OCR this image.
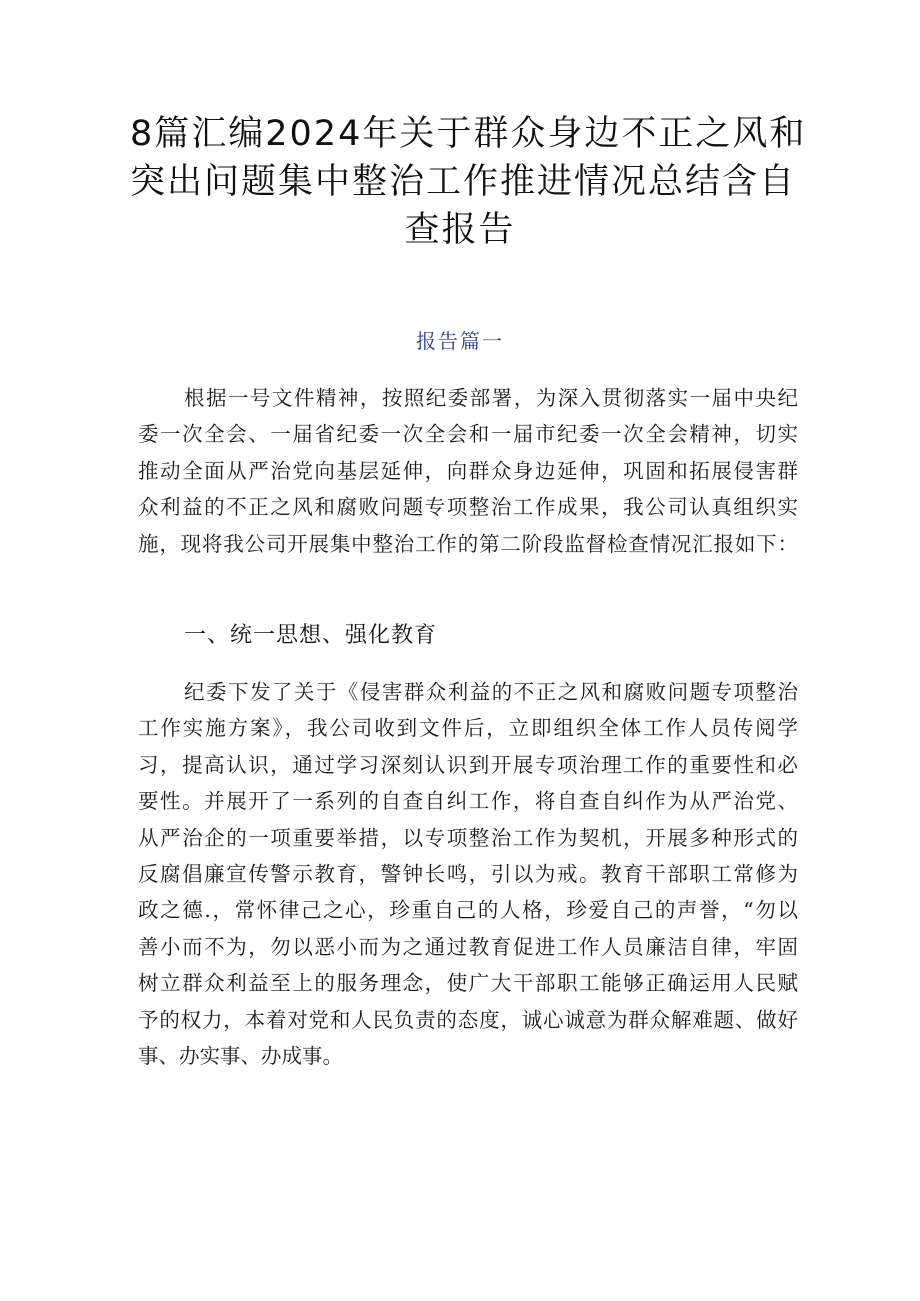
8篇汇编2024年关于群众身边不正之风和
突出问题集中整治工作推进情况总结含自
查报告
报告篇一

根据一号文件精神，按照纪委部署，为深入贯彻落实一届中央纪
委一次全会、一届省纪委一次全会和一届市纪委一次全会精神，切实
推动全面从严治党向基层延伸，向群众身边延伸，巩固和拓展侵害群
众利益的不正之风和腐败问题专项整治工作成果，我公司认真组织实
施，现将我公司开展集中整治工作的第二阶段监督检查情况汇报如下：

一、统一思想、强化教育

纪委下发了关于《侵害群众利益的不正之风和腐败问题专项整治
工作实施方案》，我公司收到文件后，立即组织全体工作人员传阅学
习，提高认识，通过学习深刻认识到开展专项治理工作的重要性和必
要性。并展开了一系列的自查自纠工作，将自查自纠作为从严治党、
从严治企的一项重要举措，以专项整治工作为契机，开展多种形式的
反腐倡廉宣传警示教育，警钟长鸣，引以为戒。教育干部职工常修为
政之德.，常怀律己之心，珍重自己的人格，珍爱自己的声誉，“勿以
善小而不为，勿以恶小而为之通过教育促进工作人员廉洁自律，牢固
树立群众利益至上的服务理念，使广大干部职工能够正确运用人民赋
予的权力，本着对党和人民负责的态度，诚心诚意为群众解难题、做好
事、办实事、办成事。
